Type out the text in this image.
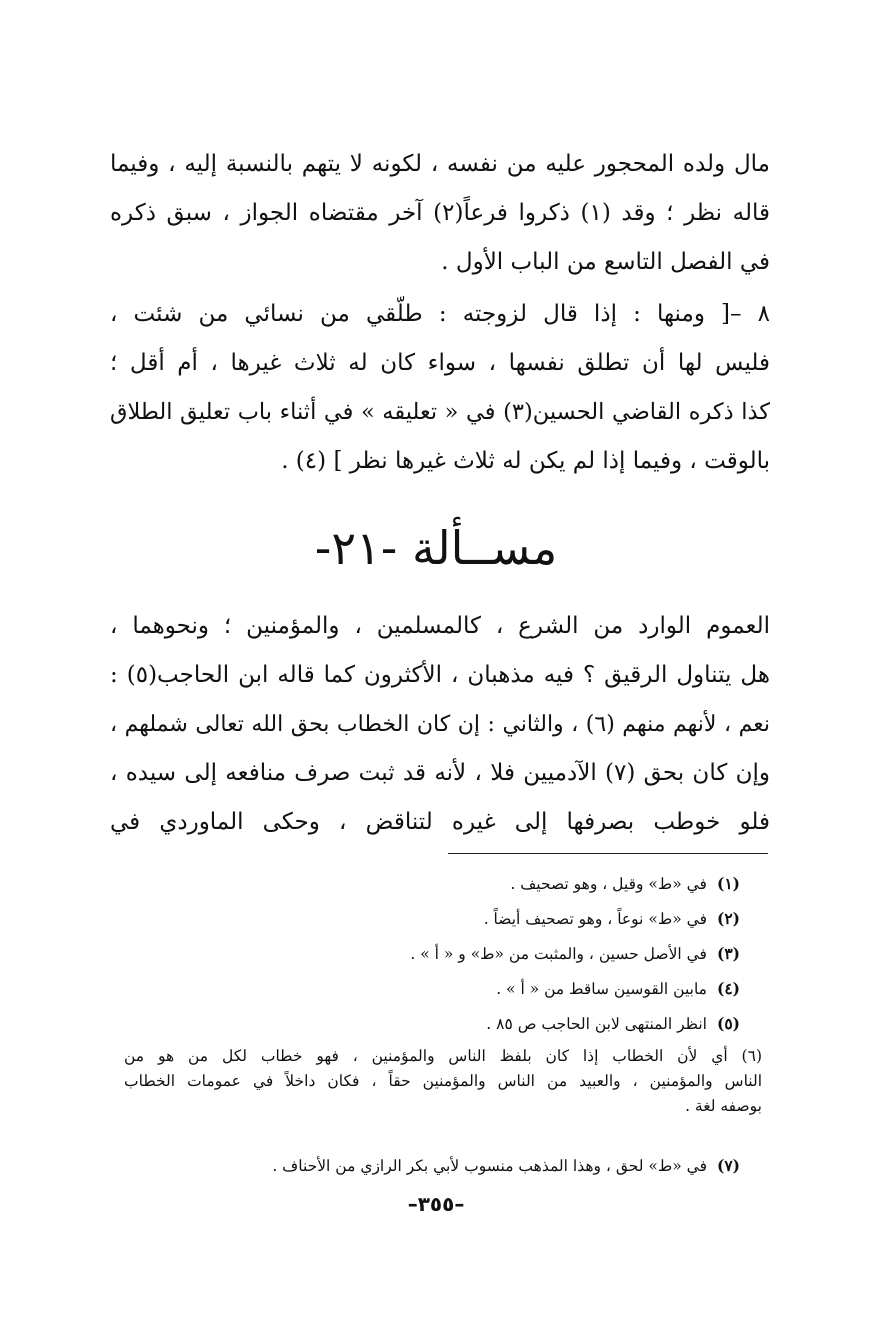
مال ولده المحجور عليه من نفسه ، لكونه لا يتهم بالنسبة إليه ، وفيما
قاله نظر ؛ وقد (١) ذكروا فرعاً(٢) آخر مقتضاه الجواز ، سبق ذكره
في الفصل التاسع من الباب الأول .
٨ –[ ومنها : إذا قال لزوجته : طلّقي من نسائي من شئت ،
فليس لها أن تطلق نفسها ، سواء كان له ثلاث غيرها ، أم أقل ؛
كذا ذكره القاضي الحسين(٣) في « تعليقه » في أثناء باب تعليق الطلاق
بالوقت ، وفيما إذا لم يكن له ثلاث غيرها نظر ] (٤) .
مســألة -٢١-
العموم الوارد من الشرع ، كالمسلمين ، والمؤمنين ؛ ونحوهما ،
هل يتناول الرقيق ؟ فيه مذهبان ، الأكثرون كما قاله ابن الحاجب(٥) :
نعم ، لأنهم منهم (٦) ، والثاني : إن كان الخطاب بحق الله تعالى شملهم ،
وإن كان بحق (٧) الآدميين فلا ، لأنه قد ثبت صرف منافعه إلى سيده ،
فلو خوطب بصرفها إلى غيره لتناقض ، وحكى الماوردي في
(١)في «ط» وقيل ، وهو تصحيف .
(٢)في «ط» نوعاً ، وهو تصحيف أيضاً .
(٣)في الأصل حسين ، والمثبت من «ط» و « أ » .
(٤)مابين القوسين ساقط من « أ » .
(٥)انظر المنتهى لابن الحاجب ص ٨٥ .
(٦) أي لأن الخطاب إذا كان بلفظ الناس والمؤمنين ، فهو خطاب لكل من هو من
الناس والمؤمنين ، والعبيد من الناس والمؤمنين حقاً ، فكان داخلاً في عمومات الخطاب
بوصفه لغة .
(٧)في «ط» لحق ، وهذا المذهب منسوب لأبي بكر الرازي من الأحناف .
–٣٥٥–
